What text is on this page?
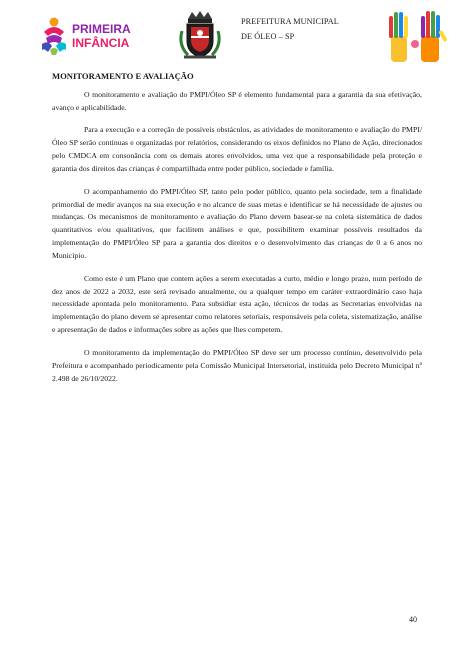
PRIMEIRA
INFÂNCIA
PREFEITURA MUNICIPAL
DE ÓLEO – SP
MONITORAMENTO E AVALIAÇÃO

O monitoramento e avaliação do PMPI/Óleo SP é elemento fundamental para a garantia da sua efetivação, avanço e aplicabilidade.

Para a execução e a correção de possíveis obstáculos, as atividades de monitoramento e avaliação do PMPI/Óleo SP serão contínuas e organizadas por relatórios, considerando os eixos definidos no Plano de Ação, direcionados pelo CMDCA em consonância com os demais atores envolvidos, uma vez que a responsabilidade pela proteção e garantia dos direitos das crianças é compartilhada entre poder público, sociedade e família.

O acompanhamento do PMPI/Óleo SP, tanto pelo poder público, quanto pela sociedade, tem a finalidade primordial de medir avanços na sua execução e no alcance de suas metas e identificar se há necessidade de ajustes ou mudanças. Os mecanismos de monitoramento e avaliação do Plano devem basear-se na coleta sistemática de dados quantitativos e/ou qualitativos, que facilitem análises e que, possibilitem examinar possíveis resultados da implementação do PMPI/Óleo SP para a garantia dos direitos e o desenvolvimento das crianças de 0 a 6 anos no Município.

Como este é um Plano que contem ações a serem executadas a curto, médio e longo prazo, num período de dez anos de 2022 a 2032, este será revisado anualmente, ou a qualquer tempo em caráter extraordinário caso haja necessidade apontada pelo monitoramento. Para subsidiar esta ação, técnicos de todas as Secretarias envolvidas na implementação do plano devem se apresentar como relatores setoriais, responsáveis pela coleta, sistematização, análise e apresentação de dados e informações sobre as ações que lhes competem.

O monitoramento da implementação do PMPI/Óleo SP deve ser um processo contínuo, desenvolvido pela Prefeitura e acompanhado periodicamente pela Comissão Municipal Intersetorial, instituída pelo Decreto Municipal nº 2.498 de 26/10/2022.

40
